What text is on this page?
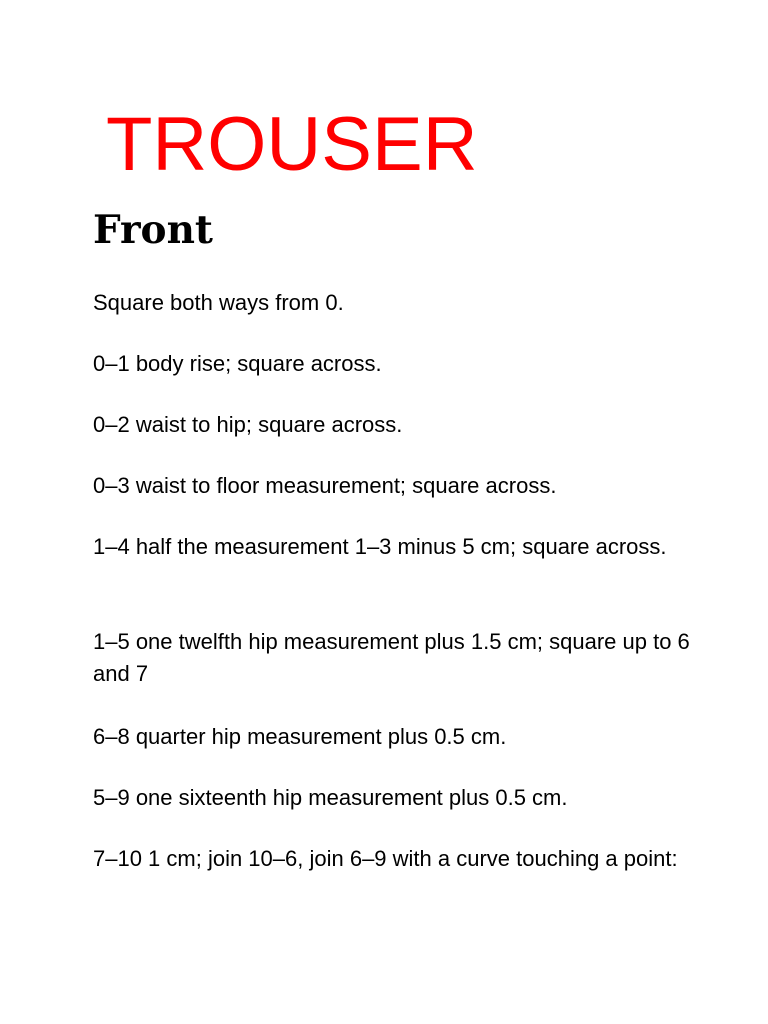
TROUSER
Front

Square both ways from 0.

0–1 body rise; square across.

0–2 waist to hip; square across.

0–3 waist to floor measurement; square across.

1–4 half the measurement 1–3 minus 5 cm; square across.

1–5 one twelfth hip measurement plus 1.5 cm; square up to 6 and 7

6–8 quarter hip measurement plus 0.5 cm.

5–9 one sixteenth hip measurement plus 0.5 cm.

7–10 1 cm; join 10–6, join 6–9 with a curve touching a point:
